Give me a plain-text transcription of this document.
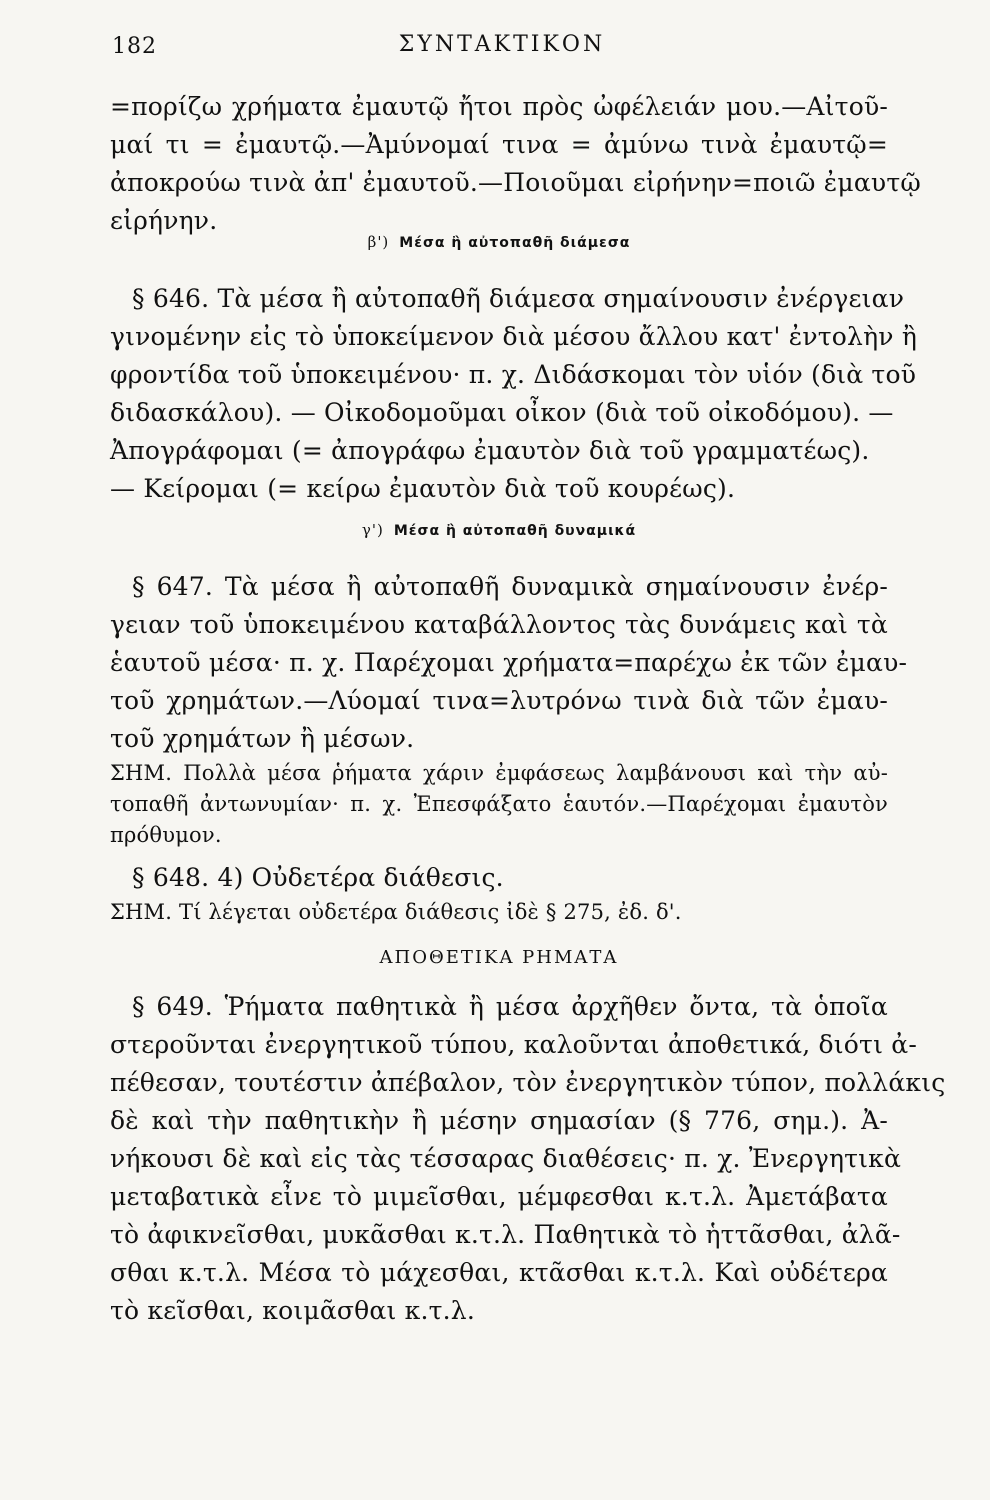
182	ΣΥΝΤΑΚΤΙΚΟΝ
=πορίζω χρήματα ἐμαυτῷ ἤτοι πρὸς ὠφέλειάν μου.—Αἰτοῦ-
μαί τι = ἐμαυτῷ.—Ἀμύνομαί τινα = ἀμύνω τινὰ ἐμαυτῷ=
ἀποκρούω τινὰ ἀπ' ἐμαυτοῦ.—Ποιοῦμαι εἰρήνην=ποιῶ ἐμαυτῷ
εἰρήνην.
β') Μέσα ἢ αὐτοπαθῆ διάμεσα
§ 646. Τὰ μέσα ἢ αὐτοπαθῆ διάμεσα σημαίνουσιν ἐνέργειαν
γινομένην εἰς τὸ ὑποκείμενον διὰ μέσου ἄλλου κατ' ἐντολὴν ἢ
φροντίδα τοῦ ὑποκειμένου· π. χ. Διδάσκομαι τὸν υἱόν (διὰ τοῦ
διδασκάλου). — Οἰκοδομοῦμαι οἶκον (διὰ τοῦ οἰκοδόμου). —
Ἀπογράφομαι (= ἀπογράφω ἐμαυτὸν διὰ τοῦ γραμματέως).
— Κείρομαι (= κείρω ἐμαυτὸν διὰ τοῦ κουρέως).
γ') Μέσα ἢ αὐτοπαθῆ δυναμικά
§ 647. Τὰ μέσα ἢ αὐτοπαθῆ δυναμικὰ σημαίνουσιν ἐνέρ-
γειαν τοῦ ὑποκειμένου καταβάλλοντος τὰς δυνάμεις καὶ τὰ
ἑαυτοῦ μέσα· π. χ. Παρέχομαι χρήματα=παρέχω ἐκ τῶν ἐμαυ-
τοῦ χρημάτων.—Λύομαί τινα=λυτρόνω τινὰ διὰ τῶν ἐμαυ-
τοῦ χρημάτων ἢ μέσων.
ΣΗΜ. Πολλὰ μέσα ῥήματα χάριν ἐμφάσεως λαμβάνουσι καὶ τὴν αὐ-
τοπαθῆ ἀντωνυμίαν· π. χ. Ἐπεσφάξατο ἑαυτόν.—Παρέχομαι ἐμαυτὸν
πρόθυμον.
§ 648. 4) Οὐδετέρα διάθεσις.
ΣΗΜ. Τί λέγεται οὐδετέρα διάθεσις ἰδὲ § 275, ἐδ. δ'.
ΑΠΟΘΕΤΙΚΑ ΡΗΜΑΤΑ
§ 649. Ῥήματα παθητικὰ ἢ μέσα ἀρχῆθεν ὄντα, τὰ ὁποῖα
στεροῦνται ἐνεργητικοῦ τύπου, καλοῦνται ἀποθετικά, διότι ἀ-
πέθεσαν, τουτέστιν ἀπέβαλον, τὸν ἐνεργητικὸν τύπον, πολλάκις
δὲ καὶ τὴν παθητικὴν ἢ μέσην σημασίαν (§ 776, σημ.). Ἀ-
νήκουσι δὲ καὶ εἰς τὰς τέσσαρας διαθέσεις· π. χ. Ἐνεργητικὰ
μεταβατικὰ εἶνε τὸ μιμεῖσθαι, μέμφεσθαι κ.τ.λ. Ἀμετάβατα
τὸ ἀφικνεῖσθαι, μυκᾶσθαι κ.τ.λ. Παθητικὰ τὸ ἡττᾶσθαι, ἀλᾶ-
σθαι κ.τ.λ. Μέσα τὸ μάχεσθαι, κτᾶσθαι κ.τ.λ. Καὶ οὐδέτερα
τὸ κεῖσθαι, κοιμᾶσθαι κ.τ.λ.
